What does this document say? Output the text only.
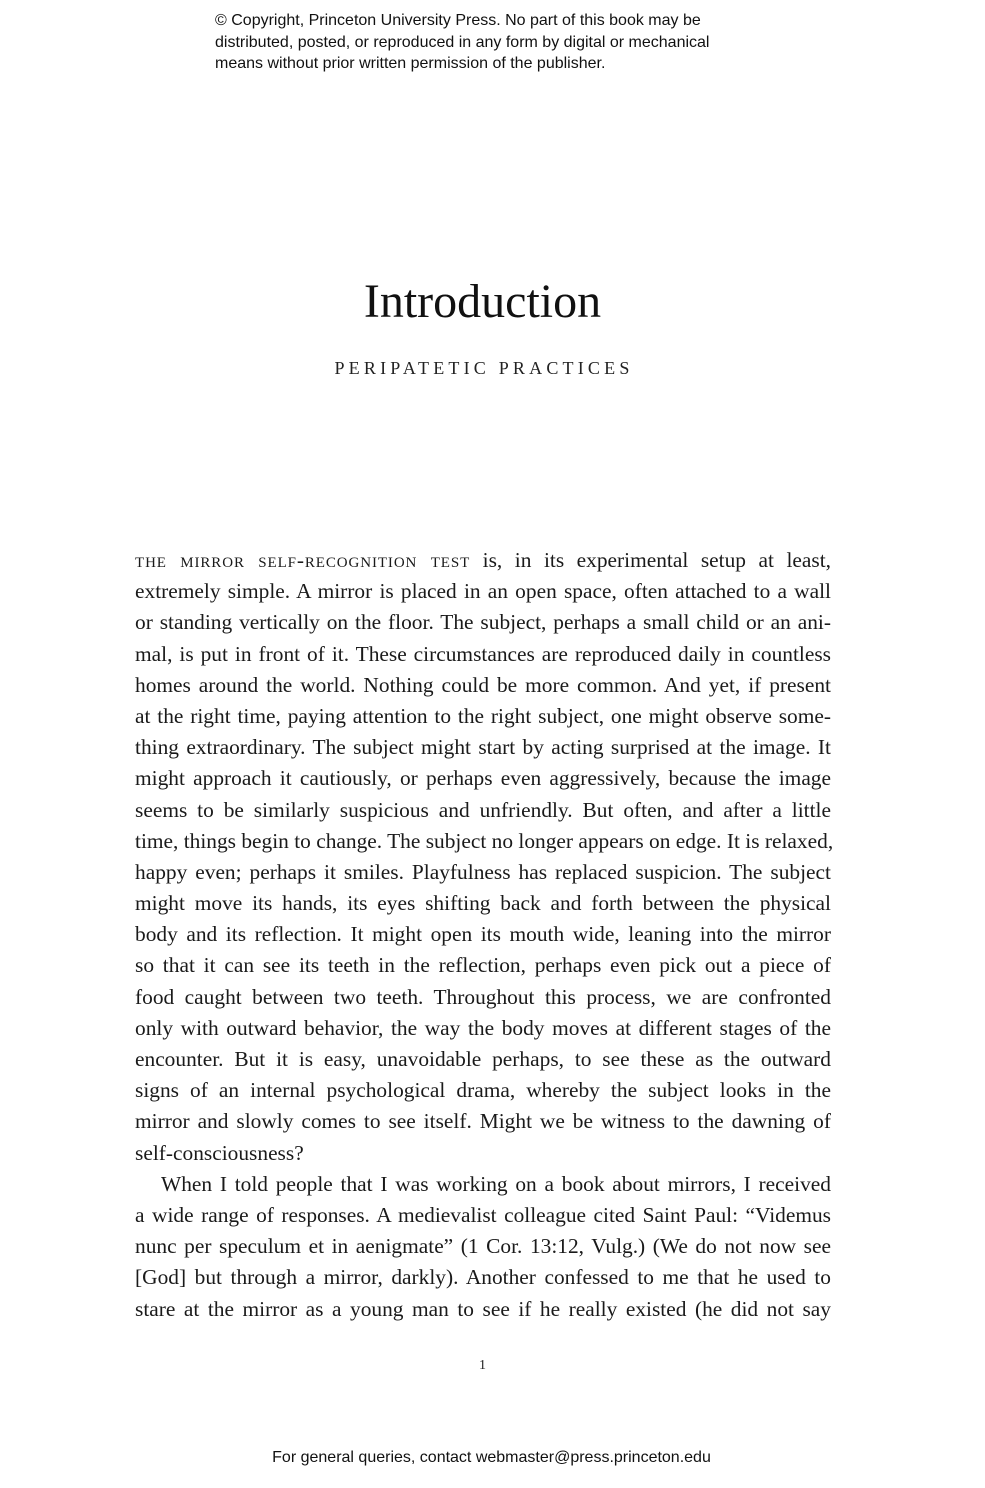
© Copyright, Princeton University Press. No part of this book may be
distributed, posted, or reproduced in any form by digital or mechanical
means without prior written permission of the publisher.
Introduction
PERIPATETIC PRACTICES
the mirror self-recognition test is, in its experimental setup at least,
extremely simple. A mirror is placed in an open space, often attached to a wall
or standing vertically on the floor. The subject, perhaps a small child or an ani-
mal, is put in front of it. These circumstances are reproduced daily in countless
homes around the world. Nothing could be more common. And yet, if present
at the right time, paying attention to the right subject, one might observe some-
thing extraordinary. The subject might start by acting surprised at the image. It
might approach it cautiously, or perhaps even aggressively, because the image
seems to be similarly suspicious and unfriendly. But often, and after a little
time, things begin to change. The subject no longer appears on edge. It is relaxed,
happy even; perhaps it smiles. Playfulness has replaced suspicion. The subject
might move its hands, its eyes shifting back and forth between the physical
body and its reflection. It might open its mouth wide, leaning into the mirror
so that it can see its teeth in the reflection, perhaps even pick out a piece of
food caught between two teeth. Throughout this process, we are confronted
only with outward behavior, the way the body moves at different stages of the
encounter. But it is easy, unavoidable perhaps, to see these as the outward
signs of an internal psychological drama, whereby the subject looks in the
mirror and slowly comes to see itself. Might we be witness to the dawning of
self-consciousness?
When I told people that I was working on a book about mirrors, I received
a wide range of responses. A medievalist colleague cited Saint Paul: “Videmus
nunc per speculum et in aenigmate” (1 Cor. 13:12, Vulg.) (We do not now see
[God] but through a mirror, darkly). Another confessed to me that he used to
stare at the mirror as a young man to see if he really existed (he did not say
1
For general queries, contact webmaster@press.princeton.edu
